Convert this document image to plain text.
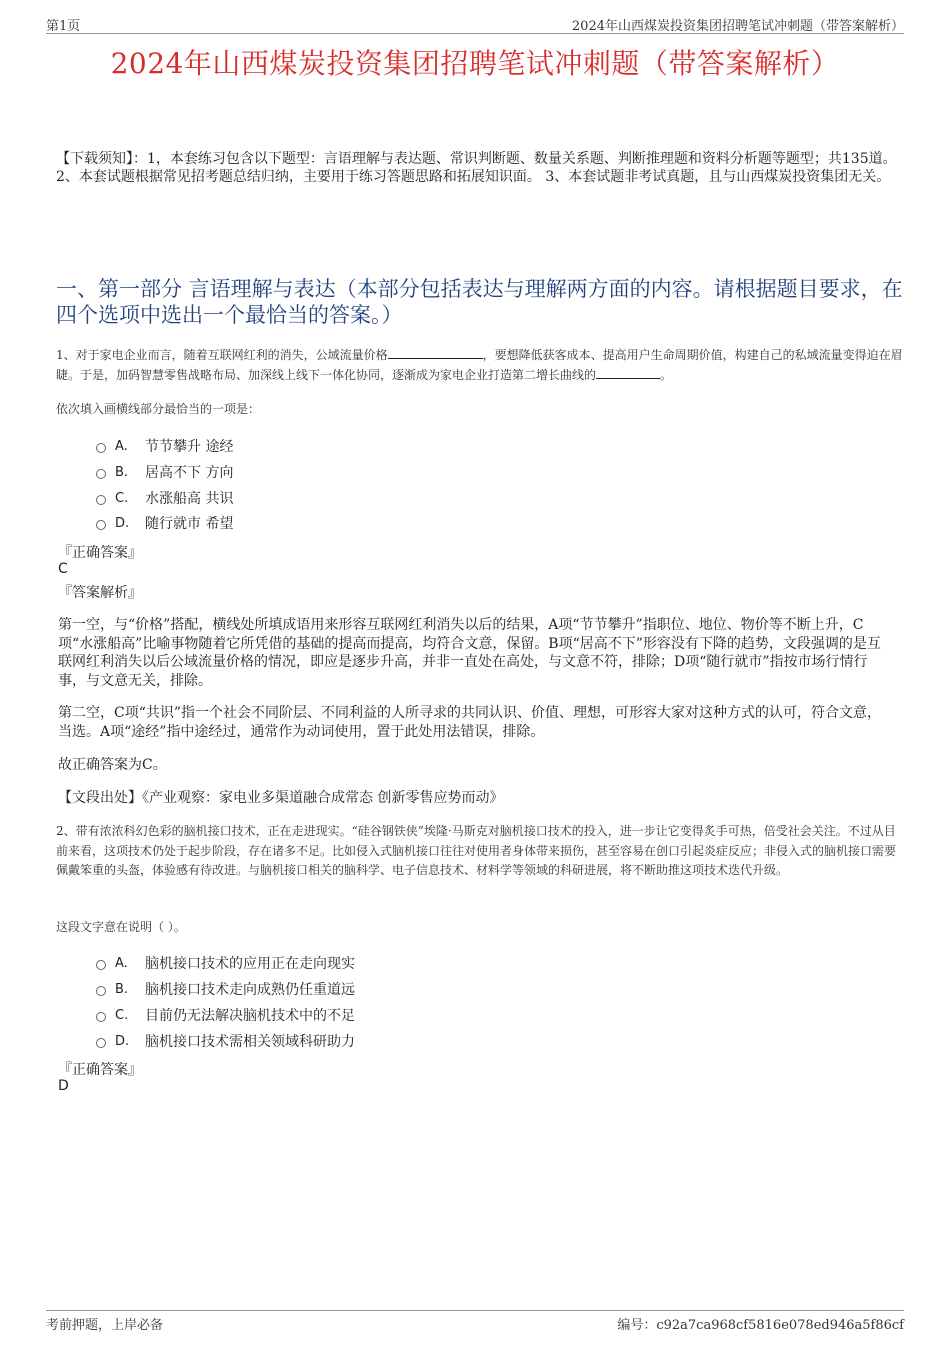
第1页	2024年山西煤炭投资集团招聘笔试冲刺题（带答案解析）
2024年山西煤炭投资集团招聘笔试冲刺题（带答案解析）
【下载须知】：1，本套练习包含以下题型：言语理解与表达题、常识判断题、数量关系题、判断推理题和资料分析题等题型；共135道。 2、本套试题根据常见招考题总结归纳，主要用于练习答题思路和拓展知识面。 3、本套试题非考试真题，且与山西煤炭投资集团无关。
一、第一部分 言语理解与表达（本部分包括表达与理解两方面的内容。请根据题目要求，在四个选项中选出一个最恰当的答案。）
1、对于家电企业而言，随着互联网红利的消失，公域流量价格	，要想降低获客成本、提高用户生命周期价值，构建自己的私域流量变得迫在眉睫。于是，加码智慧零售战略布局、加深线上线下一体化协同，逐渐成为家电企业打造第二增长曲线的	。
依次填入画横线部分最恰当的一项是：
A.	节节攀升 途经
B.	居高不下 方向
C.	水涨船高 共识
D.	随行就市 希望
『正确答案』
C
『答案解析』
第一空，与“价格”搭配，横线处所填成语用来形容互联网红利消失以后的结果，A项“节节攀升”指职位、地位、物价等不断上升，C项“水涨船高”比喻事物随着它所凭借的基础的提高而提高，均符合文意，保留。B项“居高不下”形容没有下降的趋势，文段强调的是互联网红利消失以后公域流量价格的情况，即应是逐步升高，并非一直处在高处，与文意不符，排除；D项“随行就市”指按市场行情行事，与文意无关，排除。
第二空，C项“共识”指一个社会不同阶层、不同利益的人所寻求的共同认识、价值、理想，可形容大家对这种方式的认可，符合文意，当选。A项“途经”指中途经过，通常作为动词使用，置于此处用法错误，排除。
故正确答案为C。
【文段出处】《产业观察：家电业多渠道融合成常态 创新零售应势而动》
2、带有浓浓科幻色彩的脑机接口技术，正在走进现实。“硅谷钢铁侠”埃隆·马斯克对脑机接口技术的投入，进一步让它变得炙手可热，倍受社会关注。不过从目前来看，这项技术仍处于起步阶段，存在诸多不足。比如侵入式脑机接口往往对使用者身体带来损伤，甚至容易在创口引起炎症反应；非侵入式的脑机接口需要佩戴笨重的头盔，体验感有待改进。与脑机接口相关的脑科学、电子信息技术、材料学等领域的科研进展，将不断助推这项技术迭代升级。
这段文字意在说明（ ）。
A.	脑机接口技术的应用正在走向现实
B.	脑机接口技术走向成熟仍任重道远
C.	目前仍无法解决脑机技术中的不足
D.	脑机接口技术需相关领域科研助力
『正确答案』
D
考前押题，上岸必备	编号：c92a7ca968cf5816e078ed946a5f86cf
